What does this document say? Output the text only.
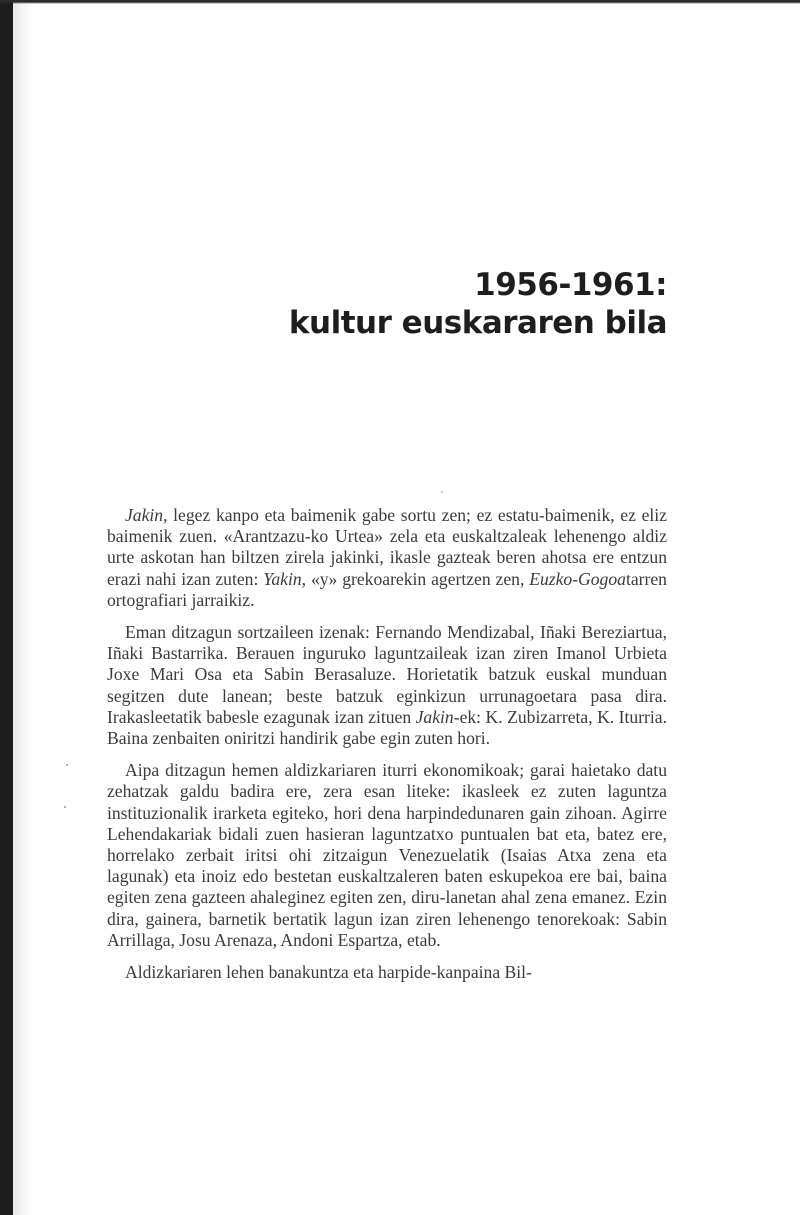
1956-1961:
kultur euskararen bila

Jakin, legez kanpo eta baimenik gabe sortu zen; ez estatu-baimenik, ez eliz baimenik zuen. «Arantzazu-ko Urtea» zela eta euskaltzaleak lehenengo aldiz urte askotan han biltzen zirela jakinki, ikasle gazteak beren ahotsa ere entzun erazi nahi izan zuten: Yakin, «y» grekoarekin agertzen zen, Euzko-Gogoatarren ortografiari jarraikiz.

Eman ditzagun sortzaileen izenak: Fernando Mendizabal, Iñaki Bereziartua, Iñaki Bastarrika. Berauen inguruko laguntzaileak izan ziren Imanol Urbieta Joxe Mari Osa eta Sabin Berasaluze. Horietatik batzuk euskal munduan segitzen dute lanean; beste batzuk eginkizun urrunagoetara pasa dira. Irakasleetatik babesle ezagunak izan zituen Jakin-ek: K. Zubizarreta, K. Iturria. Baina zenbaiten oniritzi handirik gabe egin zuten hori.

Aipa ditzagun hemen aldizkariaren iturri ekonomikoak; garai haietako datu zehatzak galdu badira ere, zera esan liteke: ikasleek ez zuten laguntza instituzionalik irarketa egiteko, hori dena harpindedunaren gain zihoan. Agirre Lehendakariak bidali zuen hasieran laguntzatxo puntualen bat eta, batez ere, horrelako zerbait iritsi ohi zitzaigun Venezuelatik (Isaias Atxa zena eta lagunak) eta inoiz edo bestetan euskaltzaleren baten eskupekoa ere bai, baina egiten zena gazteen ahaleginez egiten zen, diru-lanetan ahal zena emanez. Ezin dira, gainera, barnetik bertatik lagun izan ziren lehenengo tenorekoak: Sabin Arrillaga, Josu Arenaza, Andoni Espartza, etab.

Aldizkariaren lehen banakuntza eta harpide-kanpaina Bil-
